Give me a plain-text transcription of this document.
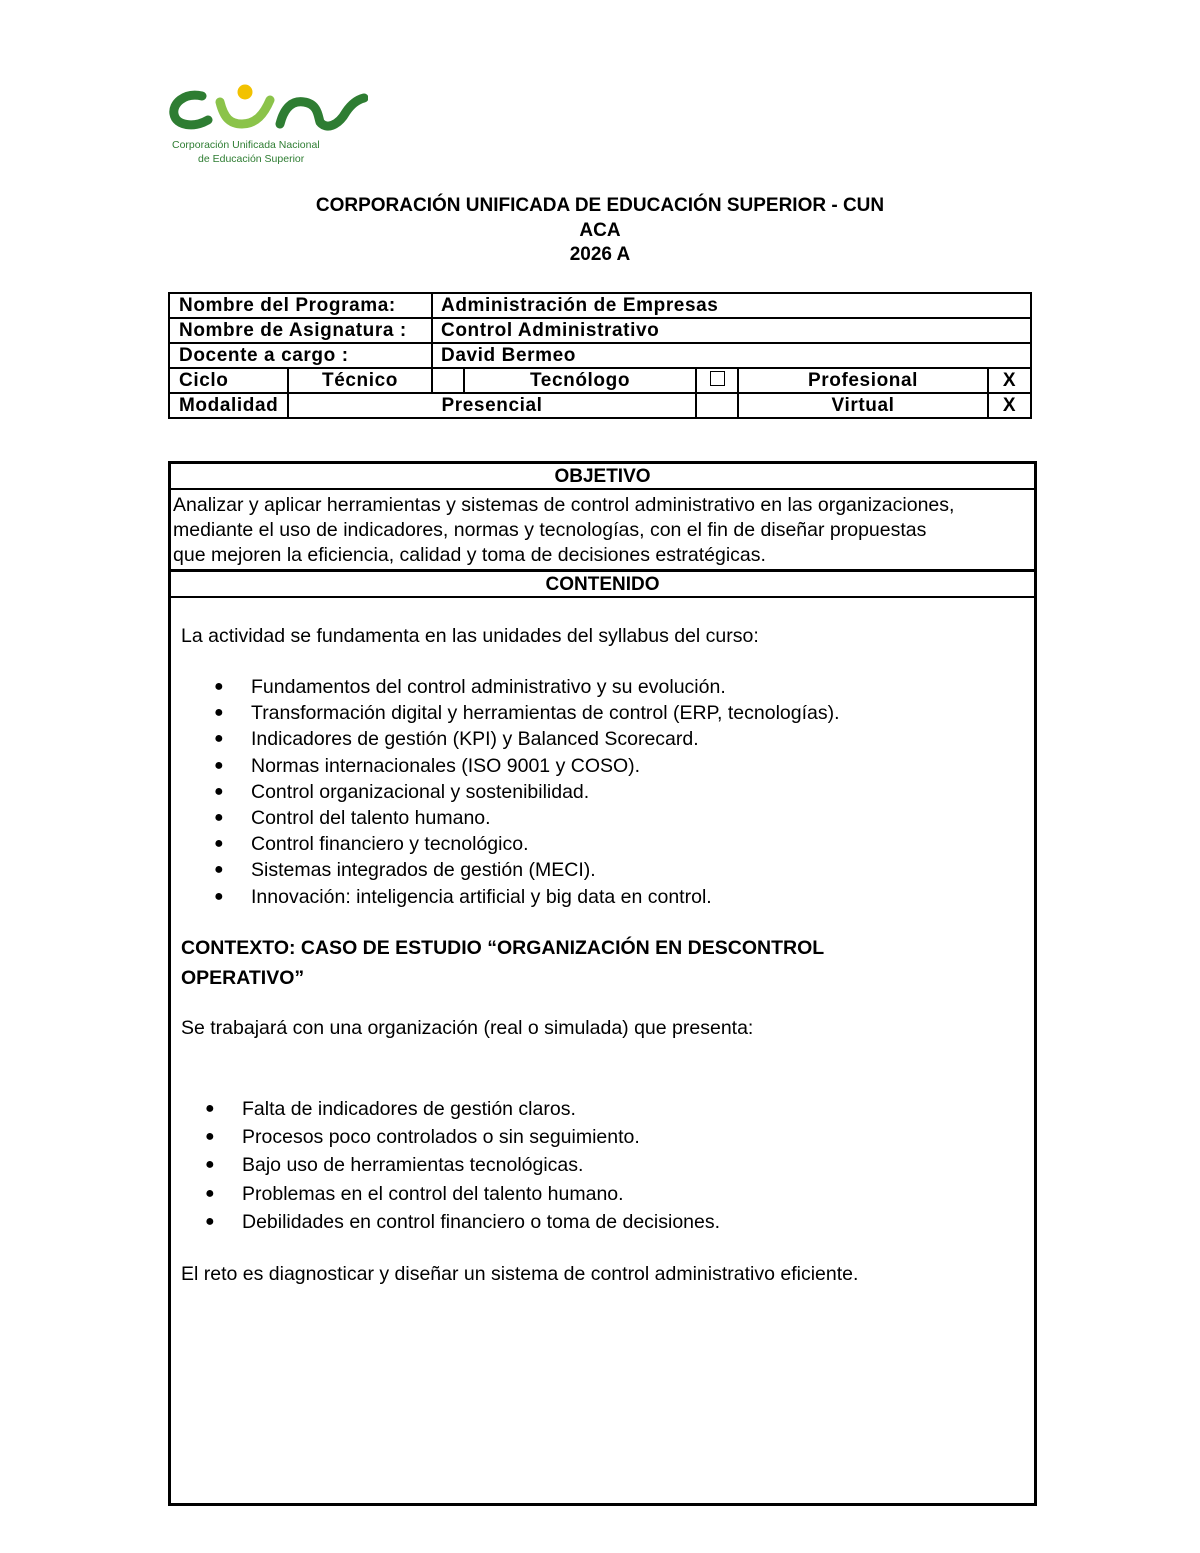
Corporación Unificada Nacional
de Educación Superior
CORPORACIÓN UNIFICADA DE EDUCACIÓN SUPERIOR - CUN
ACA
2026 A
Nombre del Programa:		Administración de Empresas				
Nombre de Asignatura :		Control Administrativo				
Docente a cargo :		David Bermeo				
Ciclo	Técnico		Tecnólogo		Profesional	X
Modalidad	Presencial				Virtual	X
OBJETIVO
Analizar y aplicar herramientas y sistemas de control administrativo en las organizaciones,
mediante el uso de indicadores, normas y tecnologías, con el fin de diseñar propuestas
que mejoren la eficiencia, calidad y toma de decisiones estratégicas.
CONTENIDO

La actividad se fundamenta en las unidades del syllabus del curso:

● Fundamentos del control administrativo y su evolución.
● Transformación digital y herramientas de control (ERP, tecnologías).
● Indicadores de gestión (KPI) y Balanced Scorecard.
● Normas internacionales (ISO 9001 y COSO).
● Control organizacional y sostenibilidad.
● Control del talento humano.
● Control financiero y tecnológico.
● Sistemas integrados de gestión (MECI).
● Innovación: inteligencia artificial y big data en control.
CONTEXTO: CASO DE ESTUDIO “ORGANIZACIÓN EN DESCONTROL
OPERATIVO”

Se trabajará con una organización (real o simulada) que presenta:

● Falta de indicadores de gestión claros.
● Procesos poco controlados o sin seguimiento.
● Bajo uso de herramientas tecnológicas.
● Problemas en el control del talento humano.
● Debilidades en control financiero o toma de decisiones.

El reto es diagnosticar y diseñar un sistema de control administrativo eficiente.
